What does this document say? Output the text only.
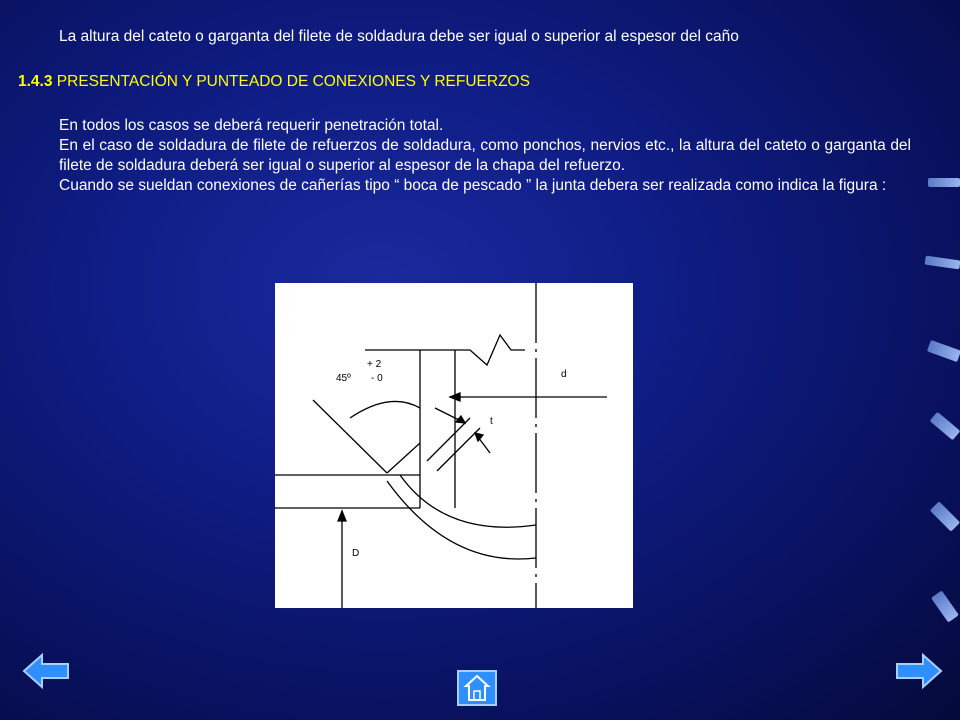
La altura del cateto o garganta del filete de soldadura debe ser igual o superior al espesor del caño
1.4.3 PRESENTACIÓN Y PUNTEADO DE CONEXIONES Y REFUERZOS

En todos los casos se deberá requerir penetración total.

En el caso de soldadura de filete de refuerzos de soldadura, como ponchos, nervios etc., la altura del cateto o garganta del filete de soldadura deberá ser igual o superior al espesor de la chapa del refuerzo.

Cuando se sueldan conexiones de cañerías tipo “ boca de pescado ” la junta debera ser realizada como indica la figura :

+ 2
45º - 0	d
t
D
